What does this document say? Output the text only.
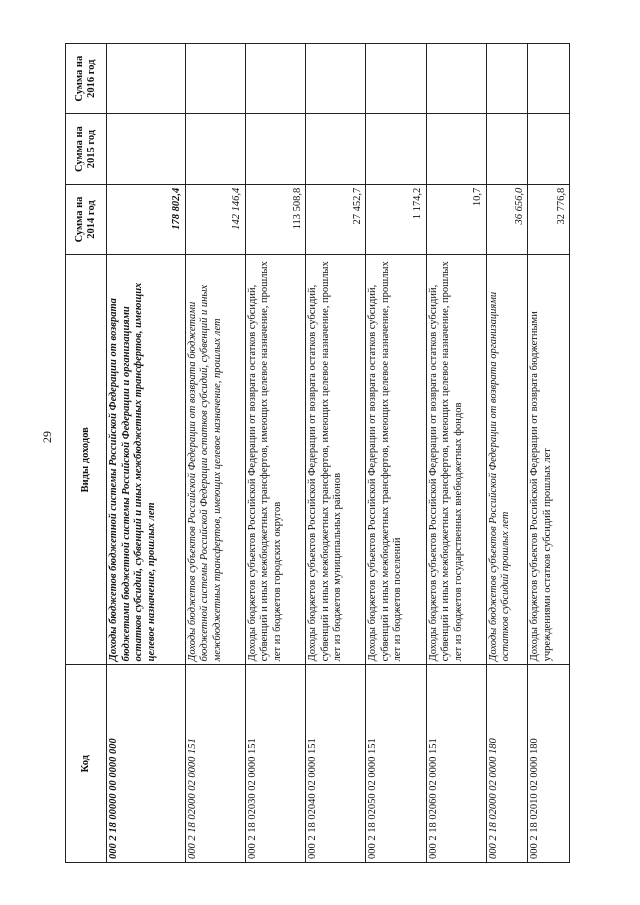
29
Код	Виды доходов	Сумма на 2014 год	Сумма на 2015 год	Сумма на 2016 год
000 2 18 00000 00 0000 000	Доходы бюджетов бюджетной системы Российской Федерации от возврата бюджетами бюджетной системы Российской Федерации и организациями остатков субсидий, субвенций и иных межбюджетных трансфертов, имеющих целевое назначение, прошлых лет	178 802,4		
000 2 18 02000 02 0000 151	Доходы бюджетов субъектов Российской Федерации от возврата бюджетами бюджетной системы Российской Федерации остатков субсидий, субвенций и иных межбюджетных трансфертов, имеющих целевое назначение, прошлых лет	142 146,4		
000 2 18 02030 02 0000 151	Доходы бюджетов субъектов Российской Федерации от возврата остатков субсидий, субвенций и иных межбюджетных трансфертов, имеющих целевое назначение, прошлых лет из бюджетов городских округов	113 508,8		
000 2 18 02040 02 0000 151	Доходы бюджетов субъектов Российской Федерации от возврата остатков субсидий, субвенций и иных межбюджетных трансфертов, имеющих целевое назначение, прошлых лет из бюджетов муниципальных районов	27 452,7		
000 2 18 02050 02 0000 151	Доходы бюджетов субъектов Российской Федерации от возврата остатков субсидий, субвенций и иных межбюджетных трансфертов, имеющих целевое назначение, прошлых лет из бюджетов поселений	1 174,2		
000 2 18 02060 02 0000 151	Доходы бюджетов субъектов Российской Федерации от возврата остатков субсидий, субвенций и иных межбюджетных трансфертов, имеющих целевое назначение, прошлых лет из бюджетов государственных внебюджетных фондов	10,7		
000 2 18 02000 02 0000 180	Доходы бюджетов субъектов Российской Федерации от возврата организациями остатков субсидий прошлых лет	36 656,0		
000 2 18 02010 02 0000 180	Доходы бюджетов субъектов Российской Федерации от возврата бюджетными учреждениями остатков субсидий прошлых лет	32 776,8		
